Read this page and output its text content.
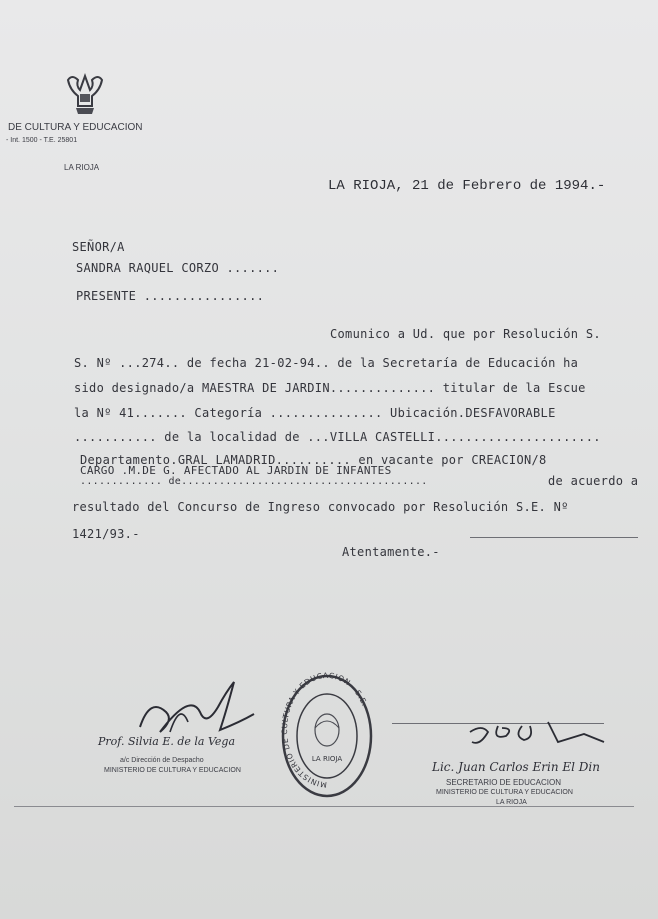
DE CULTURA Y EDUCACION
- Int. 1500 - T.E. 25801
LA RIOJA
LA RIOJA, 21 de Febrero de 1994.-
SEÑOR/A
SANDRA RAQUEL CORZO .......
PRESENTE ................
Comunico a Ud. que por Resolución S.
S. Nº ...274.. de fecha 21-02-94.. de la Secretaría de Educación ha
sido designado/a MAESTRA DE JARDIN.............. titular de la Escue
la Nº 41....... Categoría ............... Ubicación.DESFAVORABLE
........... de la localidad de ...VILLA CASTELLI......................
Departamento.GRAL LAMADRID.......... en vacante por CREACION/8
CARGO .M.DE G. AFECTADO AL JARDIN DE INFANTES
............. de.......................................	de acuerdo a
resultado del Concurso de Ingreso convocado por Resolución S.E. Nº
1421/93.-
Atentamente.-
Prof. Silvia E. de la Vega
a/c Dirección de Despacho
MINISTERIO DE CULTURA Y EDUCACION
MINISTERIO DE CULTURA Y EDUCACION - S.E.
LA RIOJA
Lic. Juan Carlos Erin El Din
SECRETARIO DE EDUCACION
MINISTERIO DE CULTURA Y EDUCACION
LA RIOJA
